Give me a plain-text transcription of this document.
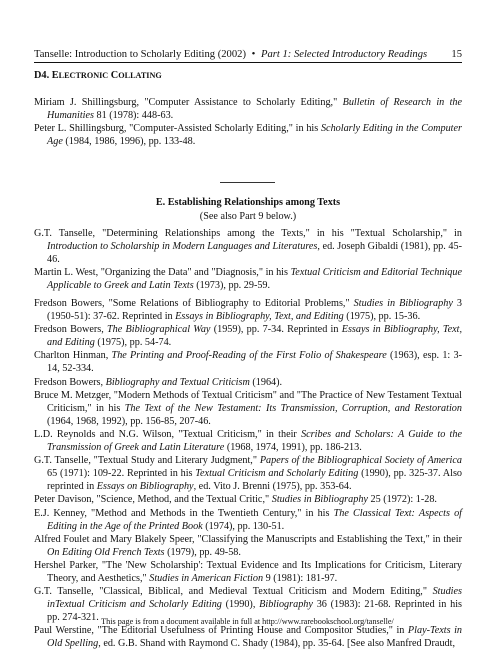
Tanselle: Introduction to Scholarly Editing (2002) • Part 1: Selected Introductory Readings 15
D4. ELECTRONIC COLLATING

Miriam J. Shillingsburg, "Computer Assistance to Scholarly Editing," Bulletin of Research in the Humanities 81 (1978): 448-63.

Peter L. Shillingsburg, "Computer-Assisted Scholarly Editing," in his Scholarly Editing in the Computer Age (1984, 1986, 1996), pp. 133-48.

E. Establishing Relationships among Texts
(See also Part 9 below.)

G.T. Tanselle, "Determining Relationships among the Texts," in his "Textual Scholarship," in Introduction to Scholarship in Modern Languages and Literatures, ed. Joseph Gibaldi (1981), pp. 45-46.

Martin L. West, "Organizing the Data" and "Diagnosis," in his Textual Criticism and Editorial Technique Applicable to Greek and Latin Texts (1973), pp. 29-59.

Fredson Bowers, "Some Relations of Bibliography to Editorial Problems," Studies in Bibliography 3 (1950-51): 37-62. Reprinted in Essays in Bibliography, Text, and Editing (1975), pp. 15-36.

Fredson Bowers, The Bibliographical Way (1959), pp. 7-34. Reprinted in Essays in Bibliography, Text, and Editing (1975), pp. 54-74.

Charlton Hinman, The Printing and Proof-Reading of the First Folio of Shakespeare (1963), esp. 1: 3-14, 52-334.

Fredson Bowers, Bibliography and Textual Criticism (1964).

Bruce M. Metzger, "Modern Methods of Textual Criticism" and "The Practice of New Testament Textual Criticism," in his The Text of the New Testament: Its Transmission, Corruption, and Restoration (1964, 1968, 1992), pp. 156-85, 207-46.

L.D. Reynolds and N.G. Wilson, "Textual Criticism," in their Scribes and Scholars: A Guide to the Transmission of Greek and Latin Literature (1968, 1974, 1991), pp. 186-213.

G.T. Tanselle, "Textual Study and Literary Judgment," Papers of the Bibliographical Society of America 65 (1971): 109-22. Reprinted in his Textual Criticism and Scholarly Editing (1990), pp. 325-37. Also reprinted in Essays on Bibliography, ed. Vito J. Brenni (1975), pp. 353-64.

Peter Davison, "Science, Method, and the Textual Critic," Studies in Bibliography 25 (1972): 1-28.

E.J. Kenney, "Method and Methods in the Twentieth Century," in his The Classical Text: Aspects of Editing in the Age of the Printed Book (1974), pp. 130-51.

Alfred Foulet and Mary Blakely Speer, "Classifying the Manuscripts and Establishing the Text," in their On Editing Old French Texts (1979), pp. 49-58.

Hershel Parker, "The 'New Scholarship': Textual Evidence and Its Implications for Criticism, Literary Theory, and Aesthetics," Studies in American Fiction 9 (1981): 181-97.

G.T. Tanselle, "Classical, Biblical, and Medieval Textual Criticism and Modern Editing," Studies inTextual Criticism and Scholarly Editing (1990), Bibliography 36 (1983): 21-68. Reprinted in his pp. 274-321.

Paul Werstine, "The Editorial Usefulness of Printing House and Compositor Studies," in Play-Texts in Old Spelling, ed. G.B. Shand with Raymond C. Shady (1984), pp. 35-64. [See also Manfred Draudt,

This page is from a document available in full at http://www.rarebookschool.org/tanselle/
